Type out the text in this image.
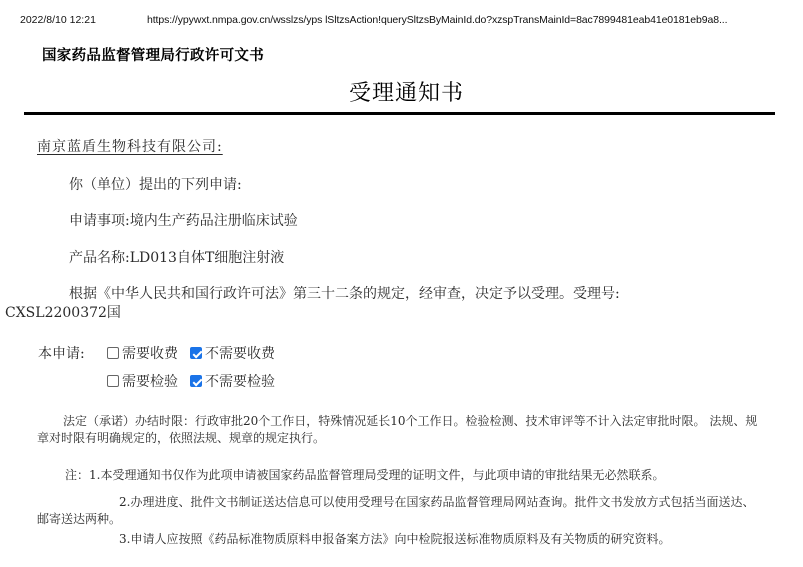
2022/8/10 12:21	https://ypywxt.nmpa.gov.cn/wsslzs/yps lSltzsAction!querySltzsByMainId.do?xzspTransMainId=8ac7899481eab41e0181eb9a8...
国家药品监督管理局行政许可文书
受理通知书
南京蓝盾生物科技有限公司:
你（单位）提出的下列申请:
申请事项:境内生产药品注册临床试验
产品名称:LD013自体T细胞注射液
根据《中华人民共和国行政许可法》第三十二条的规定，经审查，决定予以受理。受理号:
CXSL2200372国
本申请:	需要收费 不需要收费
需要检验 不需要检验
法定（承诺）办结时限：行政审批20个工作日，特殊情况延长10个工作日。检验检测、技术审评等不计入法定审批时限。 法规、规章对时限有明确规定的，依照法规、规章的规定执行。
注：1.本受理通知书仅作为此项申请被国家药品监督管理局受理的证明文件，与此项申请的审批结果无必然联系。
2.办理进度、批件文书制证送达信息可以使用受理号在国家药品监督管理局网站查询。批件文书发放方式包括当面送达、邮寄送达两种。
3.申请人应按照《药品标准物质原料申报备案方法》向中检院报送标准物质原料及有关物质的研究资料。
